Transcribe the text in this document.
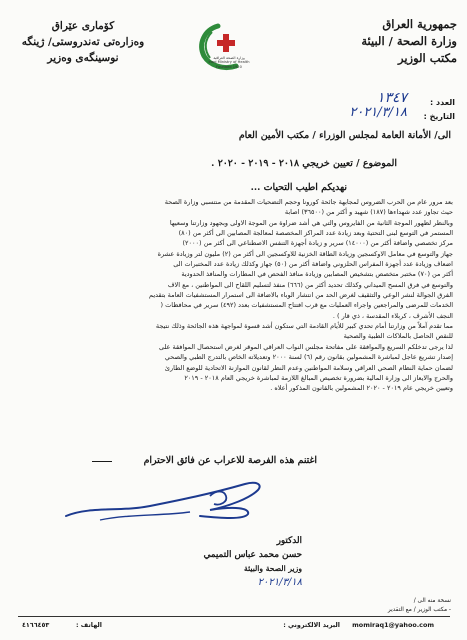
جمهورية العراق
وزارة الصحة / البيئة
مكتب الوزير
كۆماری عێراق
وەزارەتی تەندروستی/ ژینگە
نوسینگەی وەزیر	وزارة الصحة العراقية
Iraqi Ministry of Health
Founded 1920
العدد :
١٣٤٧
التاريخ :
٢٠٢١/٣/١٨
الى/ الأمانة العامة لمجلس الوزراء / مكتب الأمين العام
الموضوع / تعيين خريجي ٢٠١٨ - ٢٠١٩ - ٢٠٢٠ .
نهديكم اطيب التحيات ...
بعد مرور عام من الحرب الضروس لمجابهة جائحة كورونا وحجم التضحيات المقدمة من منتسبي وزارة الصحة
حيث تجاوز عدد شهداءها (١٨٧) شهيد و أكثر من (٣٦٥٠٠) اصابة
وبالنظر لظهور الموجة الثانية من الفايروس والتي هي أشد ضراوة من الموجة الاولى وبجهود وزارتنا وسعيها
المستمر في التوسع لبنى التحتية وبعد زيادة عدد المراكز المخصصة لمعالجة المصابين الى أكثر من (٨٠)
مركز تخصصي واضافة أكثر من (١٤٠٠٠) سرير و زيادة أجهزة التنفس الاصطناعي الى أكثر من (٢٠٠٠)
جهاز والتوسع في معامل الاوكسجين وزيادة الطاقة الخزنية للاوكسجين الى أكثر من (٢) مليون لتر وزيادة عشرة
اضعاف وزيادة عدد أجهزة المفراس الحلزوني واضافة أكثر من (٥٠) جهاز وكذلك زيادة عدد المختبرات الى
أكثر من (٧٠) مختبر متخصص بتشخيص المصابين وزيادة منافذ الفحص في المطارات والمنافذ الحدودية
والتوسع في فرق المسح الميداني وكذلك تحديد أكثر من (٦٦٦) منفذ لتسليم اللقاح الى المواطنين ، مع الاف
الفرق الجوالة لنشر الوعي والتثقيف لغرض الحد من انتشار الوباء بالاضافة الى استمرار المستشفيات العامة بتقديم
الخدمات للمرضى والمراجعين واجراء العمليات مع قرب افتتاح المستشفيات بعدد (٤٩٢) سرير في محافظات (
النجف الأشرف ، كربلاء المقدسة ، ذي قار ) .
مما تقدم آملاً من وزارتنا أمام تحدي كبير للأيام القادمة التي ستكون أشد قسوة لمواجهة هذه الجائحة وذلك نتيجة
للنقص الحاصل بالملاكات الطبية والصحية
لذا يرجى تدخلكم السريع والموافقة على مفاتحة مجلس النواب العراقي الموقر لغرض استحصال الموافقة على
إصدار تشريع عاجل لمباشرة المشمولين بقانون رقم (٦) لسنة ٢٠٠٠ وتعديلاته الخاص بالتدرج الطبي والصحي
لضمان حماية النظام الصحي العراقي وسلامة المواطنين وعدم النظر لقانون الموازنة الاتحادية للوضع الطارئ
والحرج والايعاز الى وزارة المالية بضرورة تخصيص المبالغ اللازمة لمباشرة خريجي العام ٢٠١٨ - ٢٠١٩
وتعيين خريجي عام ٢٠١٩ - ٢٠٢٠ المشمولين بالقانون المذكور أعلاه .
اغتنم هذه الفرصة للاعراب عن فائق الاحترام
الدكتور
حسن محمد عباس التميمي
وزير الصحة والبيئة
٢٠٢١/٣/١٨
نسخة منه الى /
- مكتب الوزير / مع التقدير
البريد الالكتروني : momiraq1@yahoo.com
الهاتف :
٤١٦٦٤٥٣
